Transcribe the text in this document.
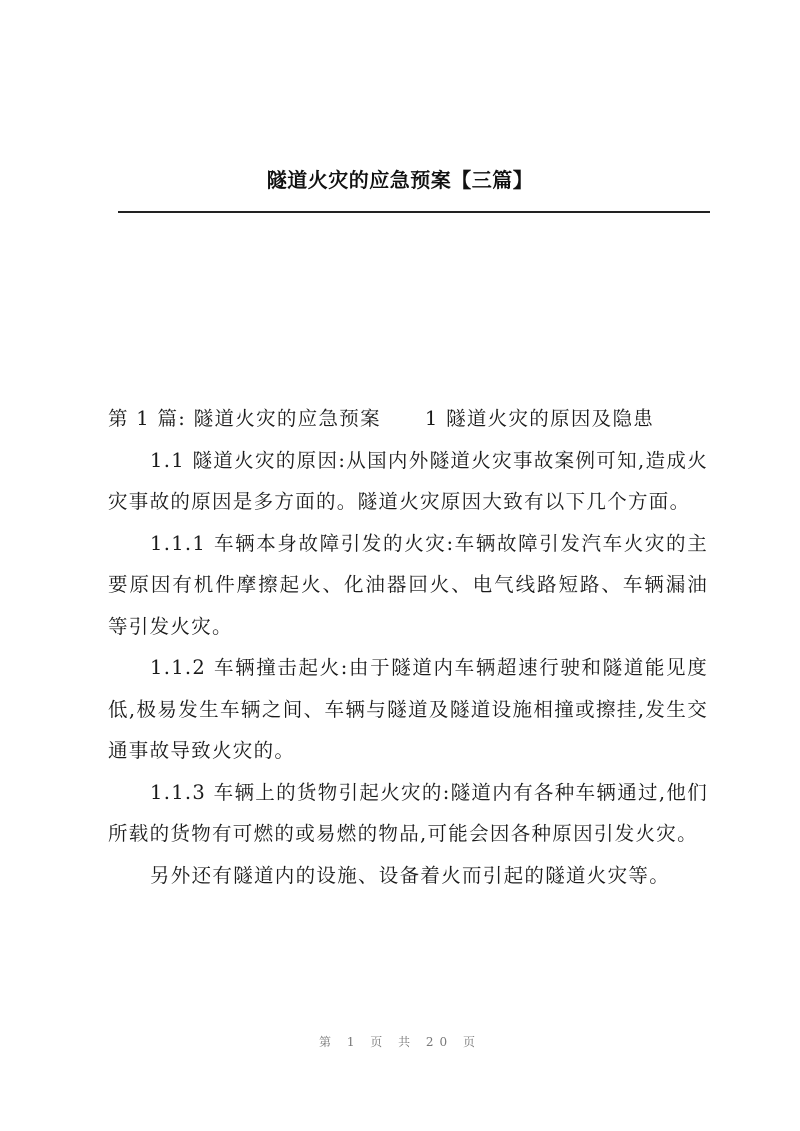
隧道火灾的应急预案【三篇】

第 1 篇: 隧道火灾的应急预案 1 隧道火灾的原因及隐患

1.1 隧道火灾的原因:从国内外隧道火灾事故案例可知,造成火灾事故的原因是多方面的。隧道火灾原因大致有以下几个方面。

1.1.1 车辆本身故障引发的火灾:车辆故障引发汽车火灾的主要原因有机件摩擦起火、化油器回火、电气线路短路、车辆漏油等引发火灾。

1.1.2 车辆撞击起火:由于隧道内车辆超速行驶和隧道能见度低,极易发生车辆之间、车辆与隧道及隧道设施相撞或擦挂,发生交通事故导致火灾的。

1.1.3 车辆上的货物引起火灾的:隧道内有各种车辆通过,他们所载的货物有可燃的或易燃的物品,可能会因各种原因引发火灾。

另外还有隧道内的设施、设备着火而引起的隧道火灾等。

第 1 页 共 20 页
